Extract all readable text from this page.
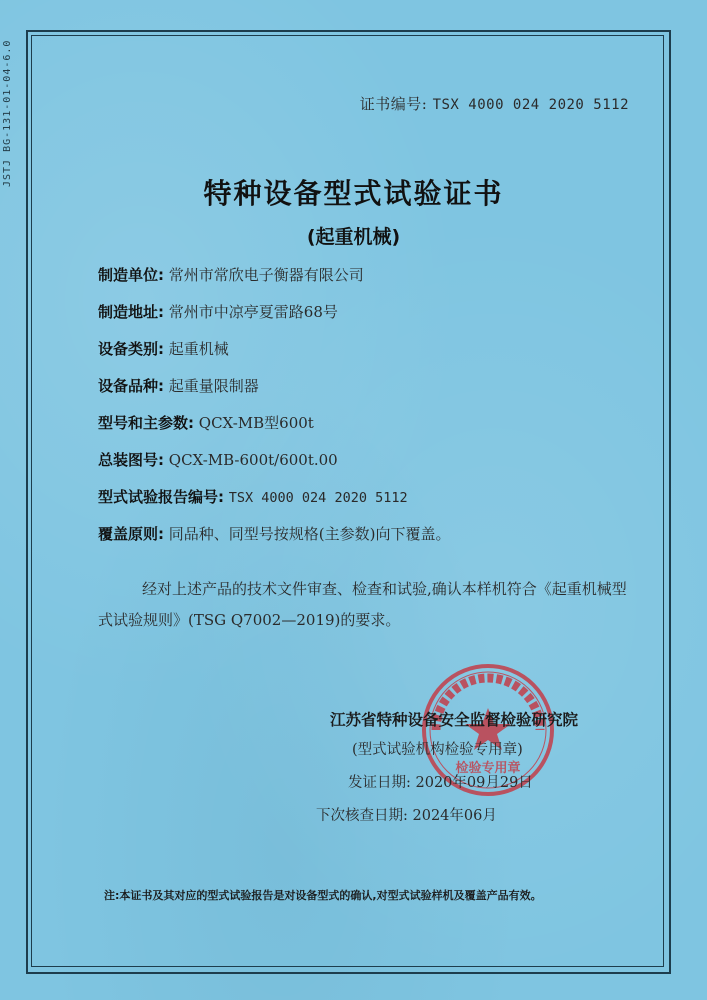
JSTJ BG-131-01-04-6.0	证书编号: TSX 4000 024 2020 5112
特种设备型式试验证书
(起重机械)
制造单位: 常州市常欣电子衡器有限公司
制造地址: 常州市中凉亭夏雷路68号
设备类别: 起重机械
设备品种: 起重量限制器
型号和主参数: QCX-MB型600t
总装图号: QCX-MB-600t/600t.00
型式试验报告编号: TSX 4000 024 2020 5112
覆盖原则: 同品种、同型号按规格(主参数)向下覆盖。
经对上述产品的技术文件审查、检查和试验,确认本样机符合《起重机械型式试验规则》(TSG Q7002—2019)的要求。
检验专用章
江苏省特种设备安全监督检验研究院
(型式试验机构检验专用章)
发证日期: 2020年09月29日
下次核查日期: 2024年06月
注:本证书及其对应的型式试验报告是对设备型式的确认,对型式试验样机及覆盖产品有效。
